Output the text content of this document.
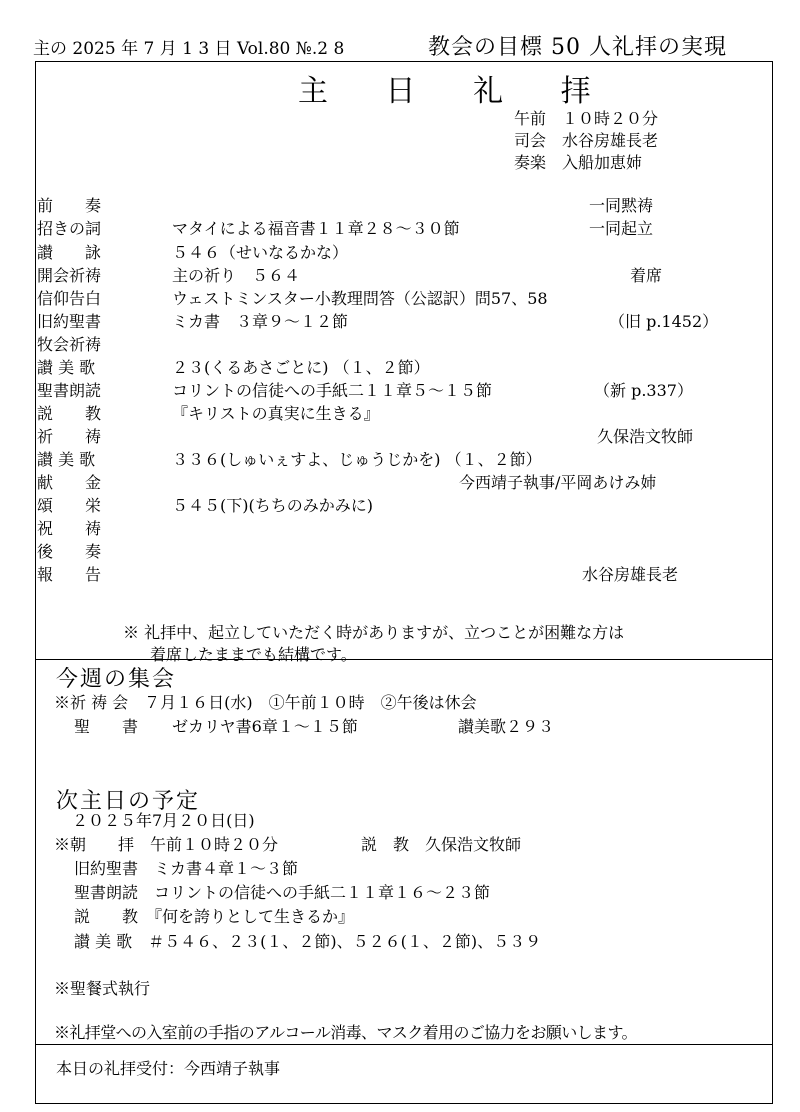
主の 2025 年 7 月 1 3 日 Vol.80 №.2 8	教会の目標 50 人礼拝の実現
主 日 礼 拝
午前　１０時２０分
司会　水谷房雄長老
奏楽　入船加恵姉
前　　奏	一同黙祷
招きの詞	マタイによる福音書１１章２８～３０節	一同起立
讃　　詠	５４６（せいなるかな）
開会祈祷	主の祈り　５６４	着席
信仰告白	ウェストミンスター小教理問答（公認訳）問57、58
旧約聖書	ミカ書　３章９～１２節	（旧 p.1452）
牧会祈祷
讃 美 歌	２３(くるあさごとに) （１、２節）
聖書朗読	コリントの信徒への手紙二１１章５～１５節	（新 p.337）
説　　教	『キリストの真実に生きる』
祈　　祷	久保浩文牧師
讃 美 歌	３３６(しゅいぇすよ、じゅうじかを) （１、２節）
献　　金	今西靖子執事/平岡あけみ姉
頌　　栄	５４５(下)(ちちのみかみに)
祝　　祷
後　　奏
報　　告	水谷房雄長老
※ 礼拝中、起立していただく時がありますが、立つことが困難な方は
着席したままでも結構です。
今週の集会
※祈 祷 会　７月１６日(水)　①午前１０時　②午後は休会
聖　　書 ゼカリヤ書6章１～１５節	讃美歌２９３
次主日の予定
２０２５年7月２０日(日)
※朝　　拝　午前１０時２０分	説　教　久保浩文牧師
旧約聖書　ミカ書４章１～３節
聖書朗読　コリントの信徒への手紙二１１章１６～２３節
説　　教　『何を誇りとして生きるか』
讃 美 歌　＃５４６、２３(１、２節)、５２６(１、２節)、５３９
※聖餐式執行
※礼拝堂への入室前の手指のアルコール消毒、マスク着用のご協力をお願いします。
本日の礼拝受付：今西靖子執事
